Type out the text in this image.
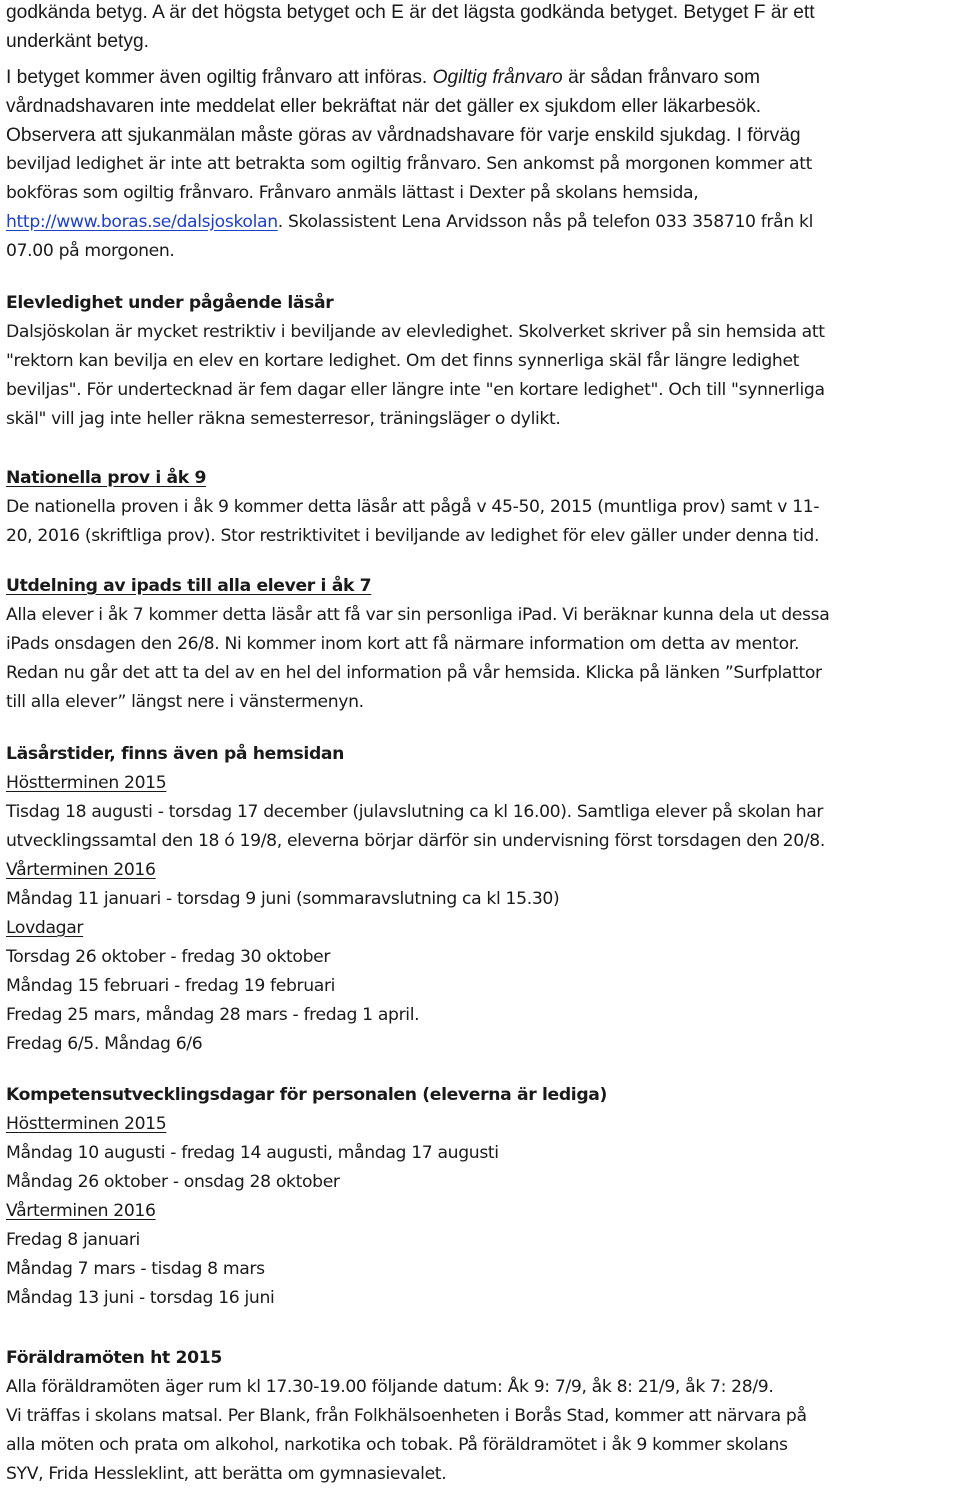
godkända betyg. A är det högsta betyget och E är det lägsta godkända betyget. Betyget F är ett
underkänt betyg.
I betyget kommer även ogiltig frånvaro att införas. Ogiltig frånvaro är sådan frånvaro som
vårdnadshavaren inte meddelat eller bekräftat när det gäller ex sjukdom eller läkarbesök.
Observera att sjukanmälan måste göras av vårdnadshavare för varje enskild sjukdag. I förväg
beviljad ledighet är inte att betrakta som ogiltig frånvaro. Sen ankomst på morgonen kommer att
bokföras som ogiltig frånvaro. Frånvaro anmäls lättast i Dexter på skolans hemsida,
http://www.boras.se/dalsjoskolan. Skolassistent Lena Arvidsson nås på telefon 033 358710 från kl
07.00 på morgonen.
Elevledighet under pågående läsår
Dalsjöskolan är mycket restriktiv i beviljande av elevledighet. Skolverket skriver på sin hemsida att
"rektorn kan bevilja en elev en kortare ledighet. Om det finns synnerliga skäl får längre ledighet
beviljas". För undertecknad är fem dagar eller längre inte "en kortare ledighet". Och till "synnerliga
skäl" vill jag inte heller räkna semesterresor, träningsläger o dylikt.
Nationella prov i åk 9
De nationella proven i åk 9 kommer detta läsår att pågå v 45-50, 2015 (muntliga prov) samt v 11-
20, 2016 (skriftliga prov). Stor restriktivitet i beviljande av ledighet för elev gäller under denna tid.
Utdelning av ipads till alla elever i åk 7
Alla elever i åk 7 kommer detta läsår att få var sin personliga iPad. Vi beräknar kunna dela ut dessa
iPads onsdagen den 26/8. Ni kommer inom kort att få närmare information om detta av mentor.
Redan nu går det att ta del av en hel del information på vår hemsida. Klicka på länken ”Surfplattor
till alla elever” längst nere i vänstermenyn.
Läsårstider, finns även på hemsidan
Höstterminen 2015
Tisdag 18 augusti - torsdag 17 december (julavslutning ca kl 16.00). Samtliga elever på skolan har
utvecklingssamtal den 18 ó 19/8, eleverna börjar därför sin undervisning först torsdagen den 20/8.
Vårterminen 2016
Måndag 11 januari - torsdag 9 juni (sommaravslutning ca kl 15.30)
Lovdagar
Torsdag 26 oktober - fredag 30 oktober
Måndag 15 februari - fredag 19 februari
Fredag 25 mars, måndag 28 mars - fredag 1 april.
Fredag 6/5. Måndag 6/6
Kompetensutvecklingsdagar för personalen (eleverna är lediga)
Höstterminen 2015
Måndag 10 augusti - fredag 14 augusti, måndag 17 augusti
Måndag 26 oktober - onsdag 28 oktober
Vårterminen 2016
Fredag 8 januari
Måndag 7 mars - tisdag 8 mars
Måndag 13 juni - torsdag 16 juni
Föräldramöten ht 2015
Alla föräldramöten äger rum kl 17.30-19.00 följande datum: Åk 9: 7/9, åk 8: 21/9, åk 7: 28/9.
Vi träffas i skolans matsal. Per Blank, från Folkhälsoenheten i Borås Stad, kommer att närvara på
alla möten och prata om alkohol, narkotika och tobak. På föräldramötet i åk 9 kommer skolans
SYV, Frida Hessleklint, att berätta om gymnasievalet.
